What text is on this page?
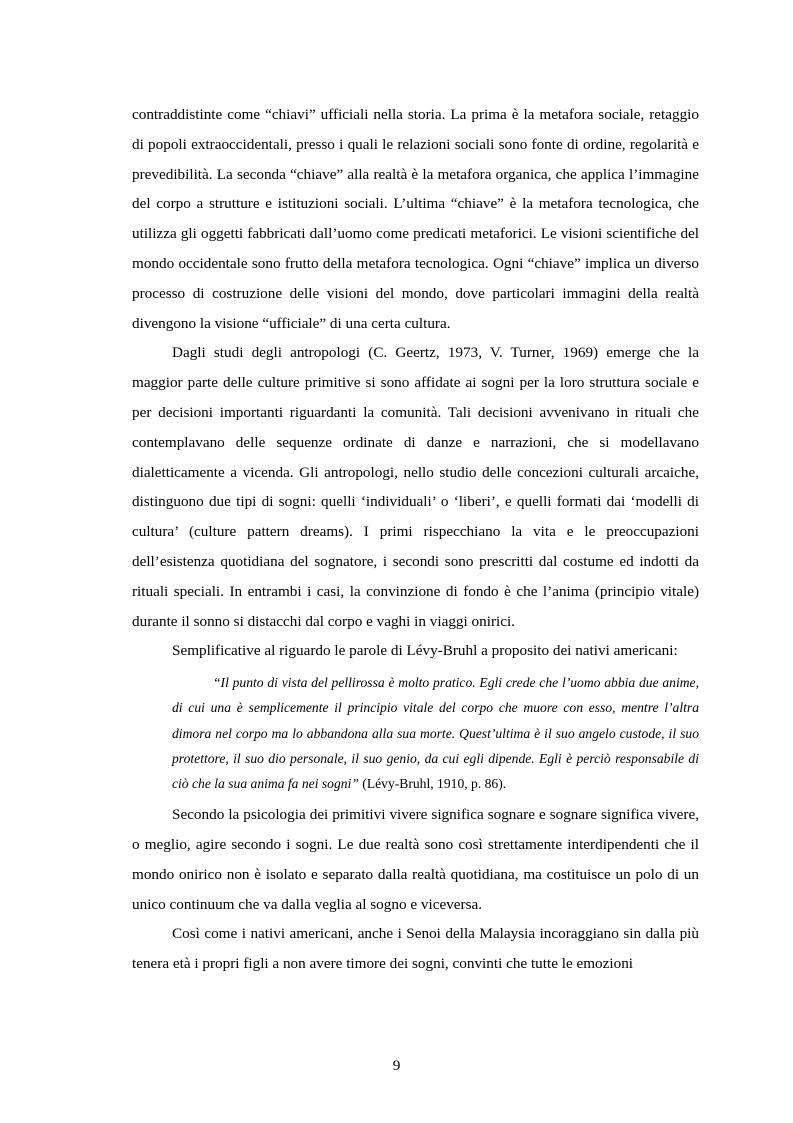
contraddistinte come “chiavi” ufficiali nella storia. La prima è la metafora sociale, retaggio di popoli extraoccidentali, presso i quali le relazioni sociali sono fonte di ordine, regolarità e prevedibilità. La seconda “chiave” alla realtà è la metafora organica, che applica l’immagine del corpo a strutture e istituzioni sociali. L’ultima “chiave” è la metafora tecnologica, che utilizza gli oggetti fabbricati dall’uomo come predicati metaforici. Le visioni scientifiche del mondo occidentale sono frutto della metafora tecnologica. Ogni “chiave” implica un diverso processo di costruzione delle visioni del mondo, dove particolari immagini della realtà divengono la visione “ufficiale” di una certa cultura.

Dagli studi degli antropologi (C. Geertz, 1973, V. Turner, 1969) emerge che la maggior parte delle culture primitive si sono affidate ai sogni per la loro struttura sociale e per decisioni importanti riguardanti la comunità. Tali decisioni avvenivano in rituali che contemplavano delle sequenze ordinate di danze e narrazioni, che si modellavano dialetticamente a vicenda. Gli antropologi, nello studio delle concezioni culturali arcaiche, distinguono due tipi di sogni: quelli ‘individuali’ o ‘liberi’, e quelli formati dai ‘modelli di cultura’ (culture pattern dreams). I primi rispecchiano la vita e le preoccupazioni dell’esistenza quotidiana del sognatore, i secondi sono prescritti dal costume ed indotti da rituali speciali. In entrambi i casi, la convinzione di fondo è che l’anima (principio vitale) durante il sonno si distacchi dal corpo e vaghi in viaggi onirici.

Semplificative al riguardo le parole di Lévy-Bruhl a proposito dei nativi americani:

“Il punto di vista del pellirossa è molto pratico. Egli crede che l’uomo abbia due anime, di cui una è semplicemente il principio vitale del corpo che muore con esso, mentre l’altra dimora nel corpo ma lo abbandona alla sua morte. Quest’ultima è il suo angelo custode, il suo protettore, il suo dio personale, il suo genio, da cui egli dipende. Egli è perciò responsabile di ciò che la sua anima fa nei sogni” (Lévy-Bruhl, 1910, p. 86).

Secondo la psicologia dei primitivi vivere significa sognare e sognare significa vivere, o meglio, agire secondo i sogni. Le due realtà sono così strettamente interdipendenti che il mondo onirico non è isolato e separato dalla realtà quotidiana, ma costituisce un polo di un unico continuum che va dalla veglia al sogno e viceversa.

Così come i nativi americani, anche i Senoi della Malaysia incoraggiano sin dalla più tenera età i propri figli a non avere timore dei sogni, convinti che tutte le emozioni

9
